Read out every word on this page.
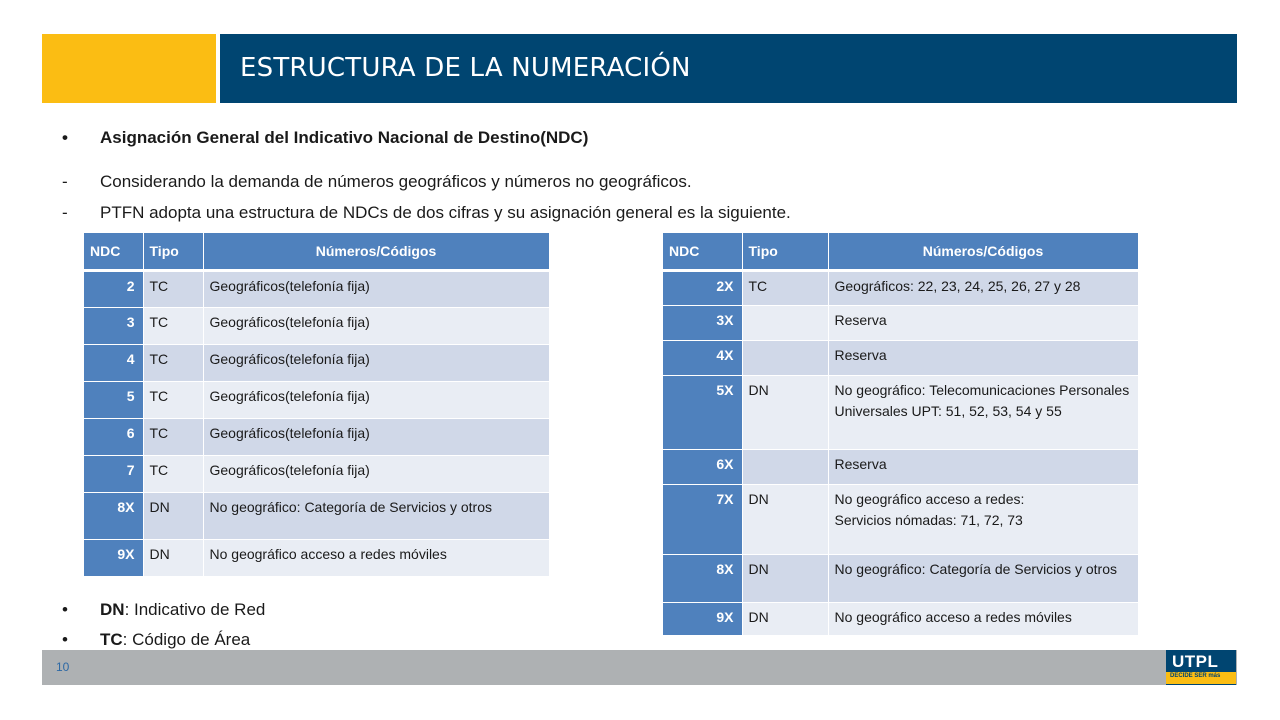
ESTRUCTURA DE LA NUMERACIÓN
• Asignación General del Indicativo Nacional de Destino(NDC)
- Considerando la demanda de números geográficos y números no geográficos.
- PTFN adopta una estructura de NDCs de dos cifras y su asignación general es la siguiente.
NDC	Tipo	Números/Códigos
2	TC	Geográficos(telefonía fija)
3	TC	Geográficos(telefonía fija)
4	TC	Geográficos(telefonía fija)
5	TC	Geográficos(telefonía fija)
6	TC	Geográficos(telefonía fija)
7	TC	Geográficos(telefonía fija)
8X	DN	No geográfico: Categoría de Servicios y otros
9X	DN	No geográfico acceso a redes móviles
NDC	Tipo	Números/Códigos
2X	TC	Geográficos: 22, 23, 24, 25, 26, 27 y 28
3X		Reserva
4X		Reserva
5X	DN	No geográfico: Telecomunicaciones Personales
Universales UPT: 51, 52, 53, 54 y 55

6X		Reserva
7X	DN	No geográfico acceso a redes:
Servicios nómadas: 71, 72, 73

8X	DN	No geográfico: Categoría de Servicios y otros
9X	DN	No geográfico acceso a redes móviles
• DN: Indicativo de Red
• TC: Código de Área
10	UTPL
DECIDE SER más
